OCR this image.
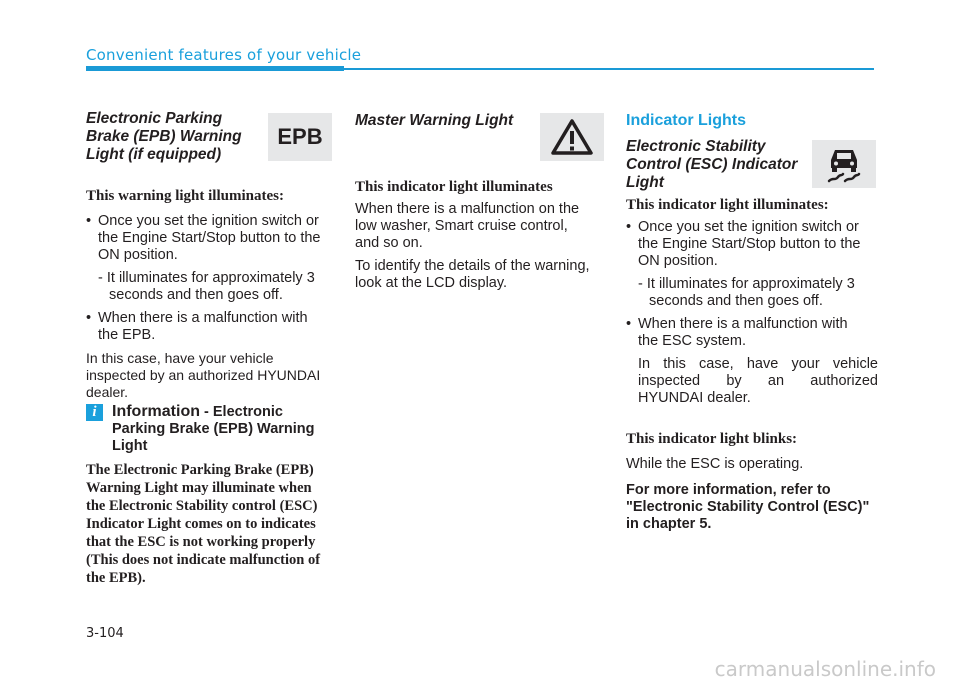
Convenient features of your vehicle

Electronic Parking
Brake (EPB) Warning
Light (if equipped)

This warning light illuminates:

• Once you set the ignition switch or
the Engine Start/Stop button to the
ON position.

- It illuminates for approximately 3
seconds and then goes off.

• When there is a malfunction with
the EPB.

In this case, have your vehicle
inspected by an authorized HYUNDAI
dealer.

EPB
i Information - Electronic
Parking Brake (EPB) Warning
Light
The Electronic Parking Brake (EPB)
Warning Light may illuminate when
the Electronic Stability control (ESC)
Indicator Light comes on to indicates
that the ESC is not working properly
(This does not indicate malfunction of
the EPB).

Master Warning Light

This indicator light illuminates

When there is a malfunction on the
low washer, Smart cruise control,
and so on.

To identify the details of the warning,
look at the LCD display.

Indicator Lights

Electronic Stability
Control (ESC) Indicator
Light

This indicator light illuminates:

• Once you set the ignition switch or
the Engine Start/Stop button to the
ON position.

- It illuminates for approximately 3
seconds and then goes off.

• When there is a malfunction with
the ESC system.

In this case, have your vehicle
inspected by an authorized
HYUNDAI dealer.

This indicator light blinks:

While the ESC is operating.

For more information, refer to
"Electronic Stability Control (ESC)"
in chapter 5.

3-104
carmanualsonline.info
